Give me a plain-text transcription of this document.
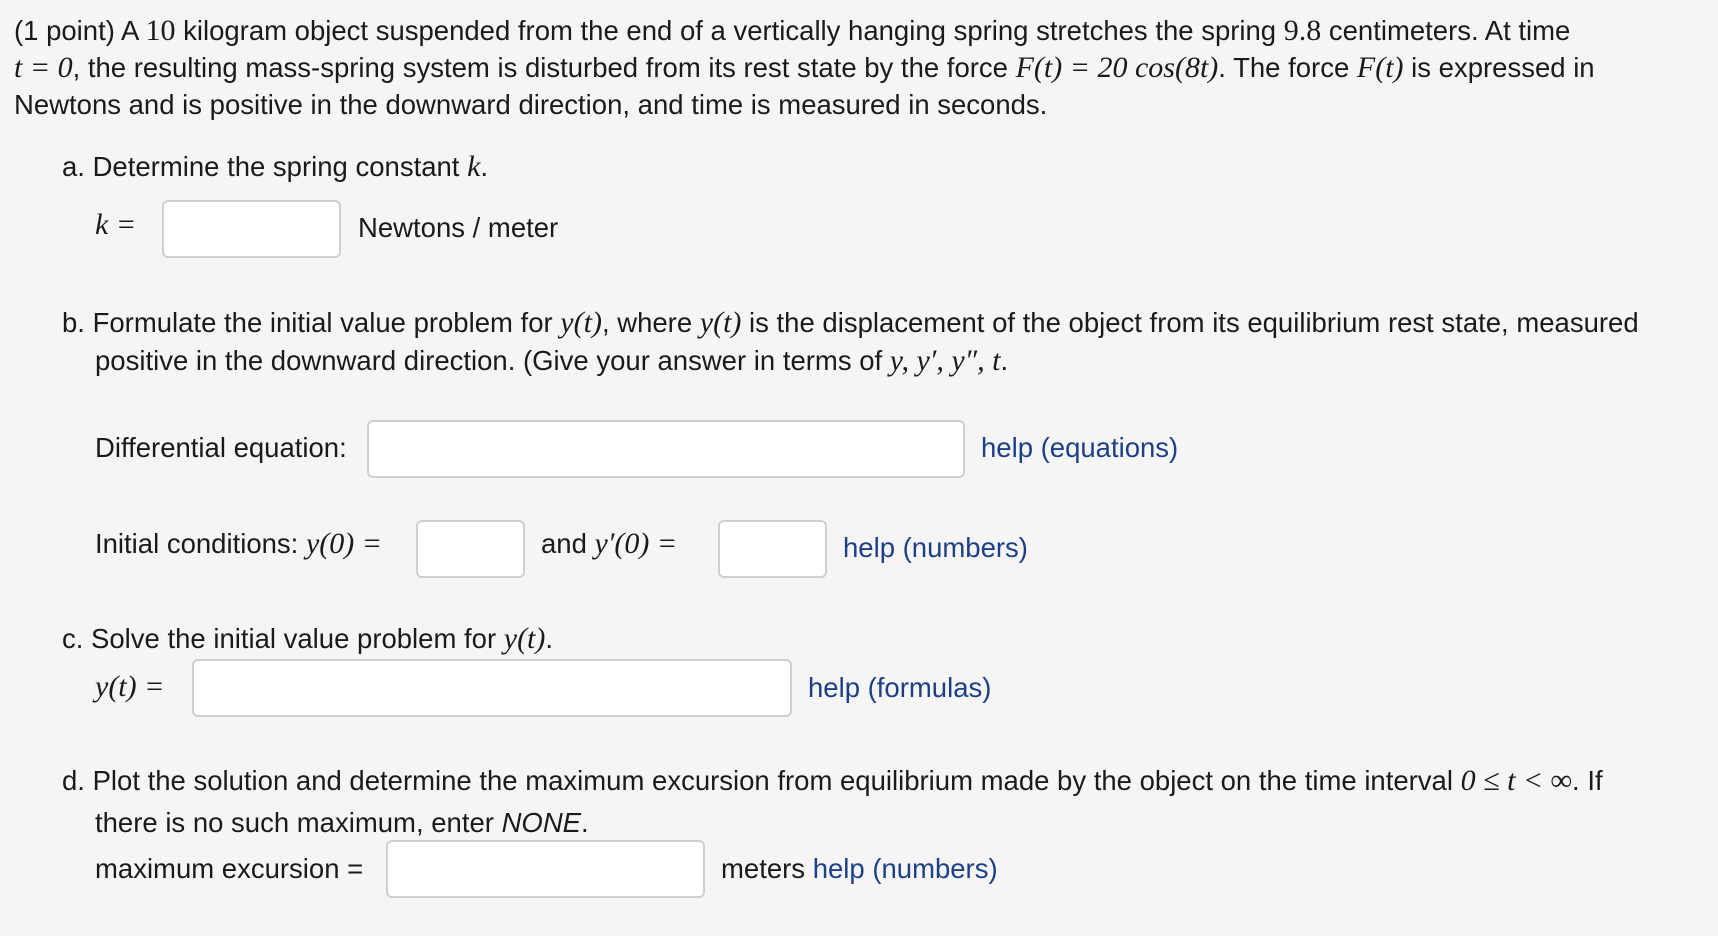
(1 point) A 10 kilogram object suspended from the end of a vertically hanging spring stretches the spring 9.8 centimeters. At time
t = 0, the resulting mass-spring system is disturbed from its rest state by the force F(t) = 20 cos(8t). The force F(t) is expressed in
Newtons and is positive in the downward direction, and time is measured in seconds.
a. Determine the spring constant k.
k =	Newtons / meter
b. Formulate the initial value problem for y(t), where y(t) is the displacement of the object from its equilibrium rest state, measured
positive in the downward direction. (Give your answer in terms of y, y′, y″, t.
Differential equation:	help (equations)
Initial conditions: y(0) =	and y′(0) =	help (numbers)
c. Solve the initial value problem for y(t).
y(t) =	help (formulas)
d. Plot the solution and determine the maximum excursion from equilibrium made by the object on the time interval 0 ≤ t < ∞. If
there is no such maximum, enter NONE.
maximum excursion =	meters help (numbers)
